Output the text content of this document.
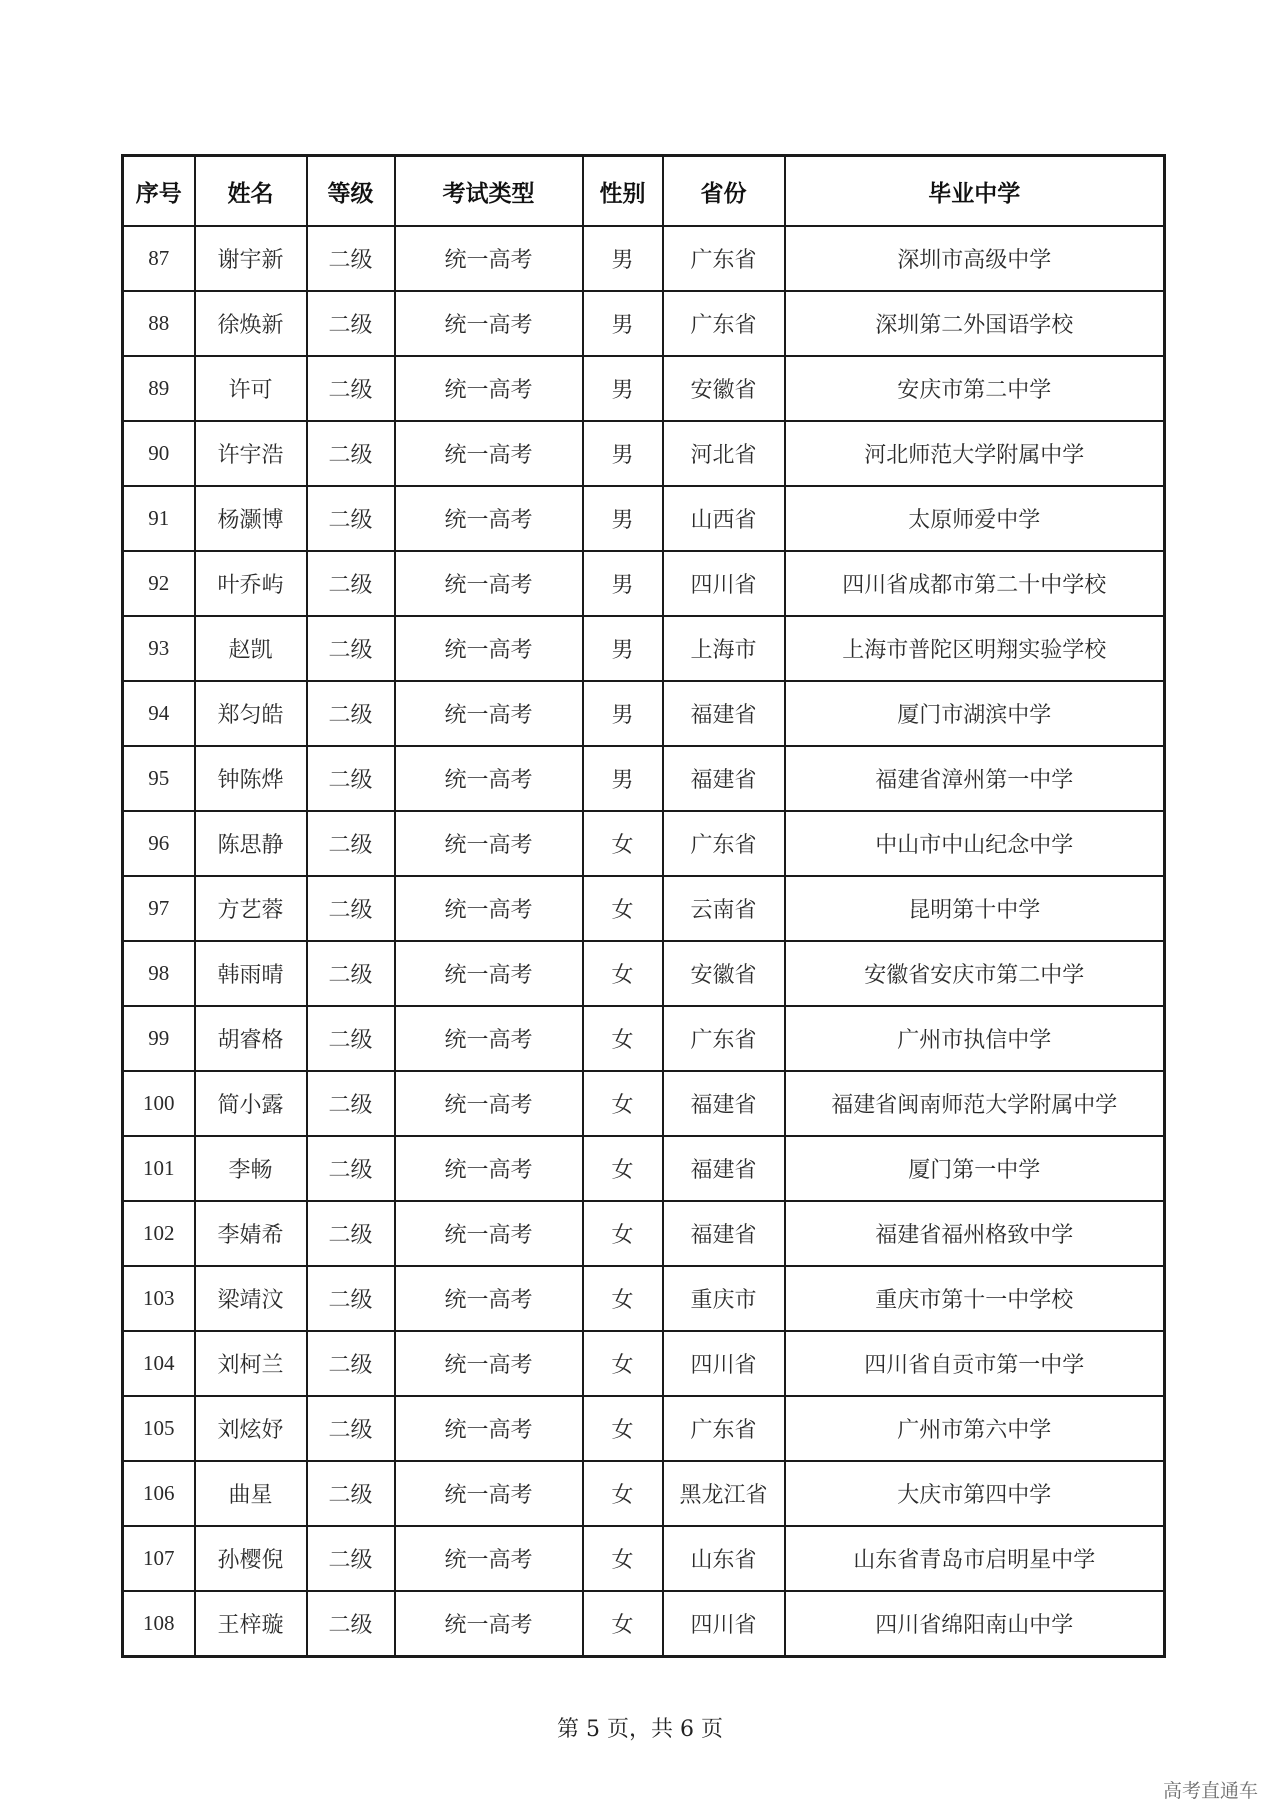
序号	姓名	等级	考试类型	性别	省份	毕业中学
87	谢宇新	二级	统一高考	男	广东省	深圳市高级中学
88	徐焕新	二级	统一高考	男	广东省	深圳第二外国语学校
89	许可	二级	统一高考	男	安徽省	安庆市第二中学
90	许宇浩	二级	统一高考	男	河北省	河北师范大学附属中学
91	杨灏博	二级	统一高考	男	山西省	太原师爱中学
92	叶乔屿	二级	统一高考	男	四川省	四川省成都市第二十中学校
93	赵凯	二级	统一高考	男	上海市	上海市普陀区明翔实验学校
94	郑匀皓	二级	统一高考	男	福建省	厦门市湖滨中学
95	钟陈烨	二级	统一高考	男	福建省	福建省漳州第一中学
96	陈思静	二级	统一高考	女	广东省	中山市中山纪念中学
97	方艺蓉	二级	统一高考	女	云南省	昆明第十中学
98	韩雨晴	二级	统一高考	女	安徽省	安徽省安庆市第二中学
99	胡睿格	二级	统一高考	女	广东省	广州市执信中学
100	简小露	二级	统一高考	女	福建省	福建省闽南师范大学附属中学
101	李畅	二级	统一高考	女	福建省	厦门第一中学
102	李婧希	二级	统一高考	女	福建省	福建省福州格致中学
103	梁靖汶	二级	统一高考	女	重庆市	重庆市第十一中学校
104	刘柯兰	二级	统一高考	女	四川省	四川省自贡市第一中学
105	刘炫妤	二级	统一高考	女	广东省	广州市第六中学
106	曲星	二级	统一高考	女	黑龙江省	大庆市第四中学
107	孙樱倪	二级	统一高考	女	山东省	山东省青岛市启明星中学
108	王梓璇	二级	统一高考	女	四川省	四川省绵阳南山中学
第 5 页，共 6 页
高考直通车
